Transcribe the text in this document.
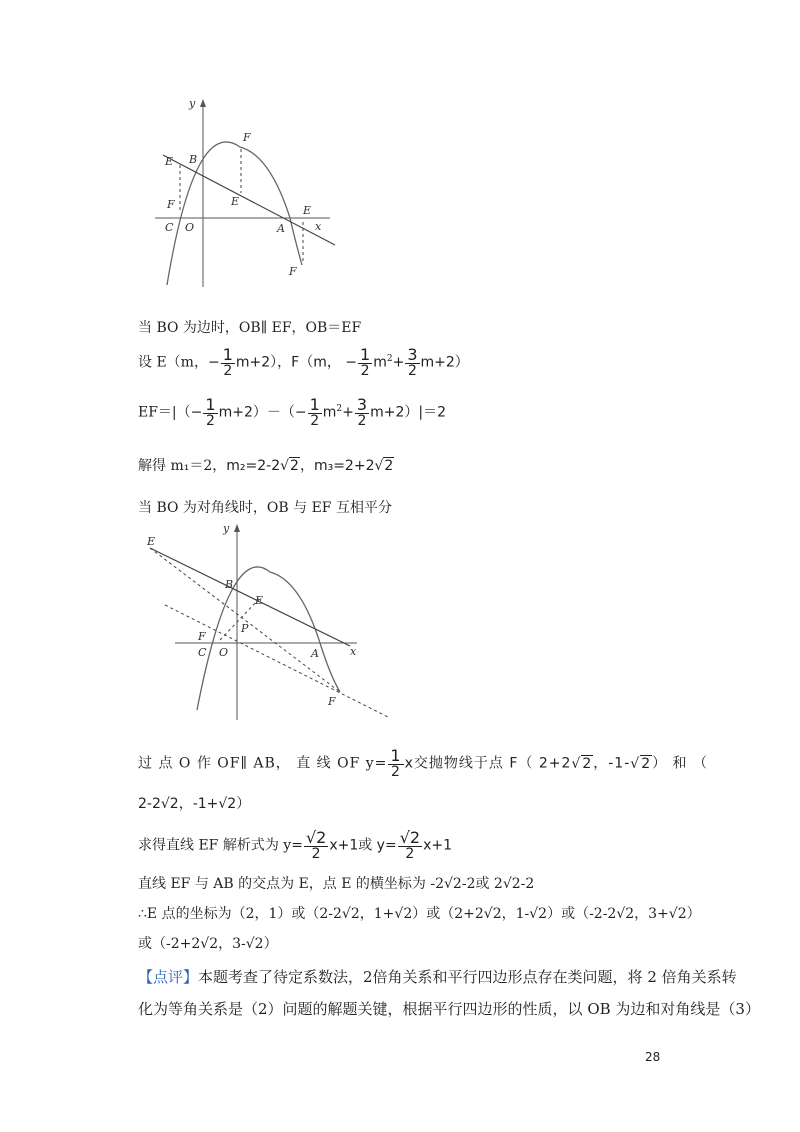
y
F
E B
E
F
C O	A
E
x
F
当 BO 为边时，OB∥ EF，OB＝EF
设 E（m，− $\frac{1}{2} m+2$），F（m， − $\frac{1}{2} m^2+ \frac{3}{2} m+2$）
$EF=|(- \frac{1}{2} m+2)-(- \frac{1}{2} m^2+ \frac{3}{2} m+2)|=2$
解得 m₁＝2，m₂=2-2√2，m₃=2+2√2
当 BO 为对角线时，OB 与 EF 互相平分
y
E
B
E
P
F
C O	A	x
F
过 点 O 作 OF∥ AB， 直 线 OF $y= \frac{1}{2}$ x交抛物线于点 F（ 2+2√2，-1-√2） 和 （
2-2√2，-1+√2）
求得直线 EF 解析式为 $y= \frac{√2}{2} x+1$或 $y= \frac{√2}{2} x+1$
直线 EF 与 AB 的交点为 E，点 E 的横坐标为 -2√2-2或 2√2-2
∴E 点的坐标为（2，1）或（2-2√2，1+√2）或（2+2√2，1-√2）或（-2-2√2，3+√2）
或（-2+2√2，3-√2）
【点评】本题考查了待定系数法，2倍角关系和平行四边形点存在类问题，将 2 倍角关系转
化为等角关系是（2）问题的解题关键，根据平行四边形的性质，以 OB 为边和对角线是（3）
28
